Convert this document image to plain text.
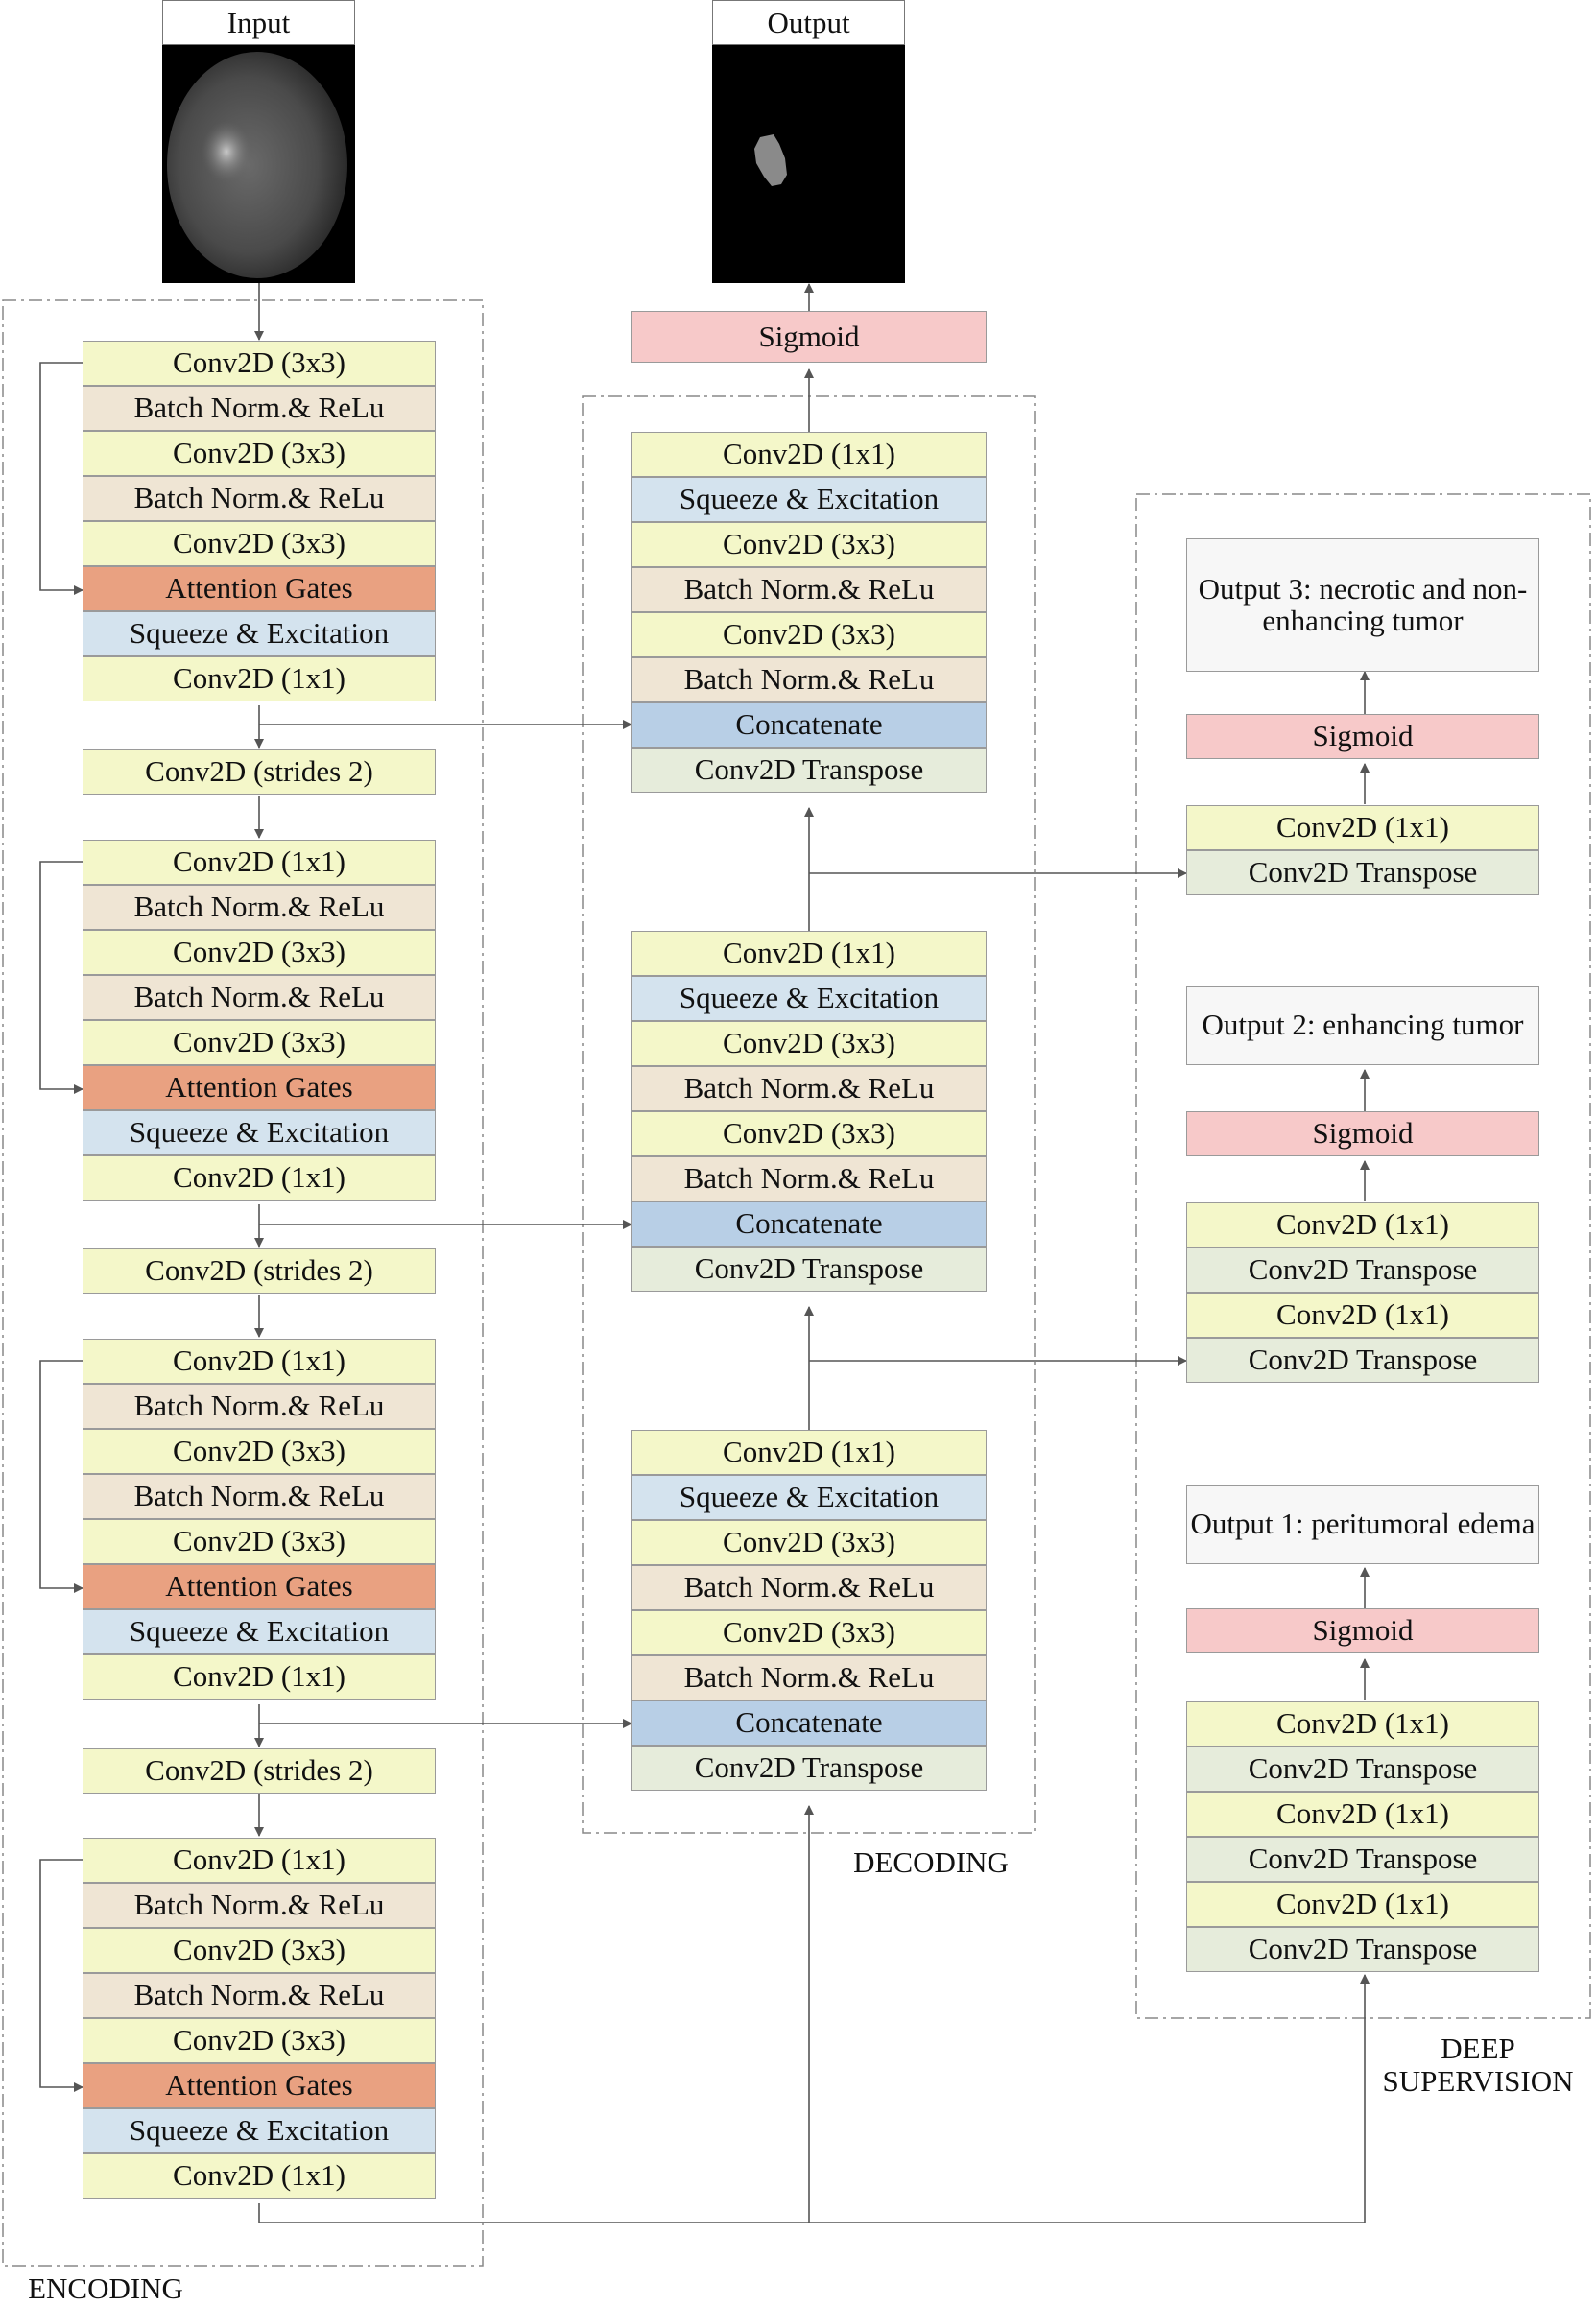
Conv2D (3x3)
Batch Norm.& ReLu
Conv2D (3x3)
Batch Norm.& ReLu
Conv2D (3x3)
Attention Gates
Squeeze & Excitation
Conv2D (1x1)
Conv2D (strides 2)
Conv2D (1x1)
Batch Norm.& ReLu
Conv2D (3x3)
Batch Norm.& ReLu
Conv2D (3x3)
Attention Gates
Squeeze & Excitation
Conv2D (1x1)
Conv2D (strides 2)
Conv2D (1x1)
Batch Norm.& ReLu
Conv2D (3x3)
Batch Norm.& ReLu
Conv2D (3x3)
Attention Gates
Squeeze & Excitation
Conv2D (1x1)
Conv2D (strides 2)
Conv2D (1x1)
Batch Norm.& ReLu
Conv2D (3x3)
Batch Norm.& ReLu
Conv2D (3x3)
Attention Gates
Squeeze & Excitation
Conv2D (1x1)
Sigmoid
Conv2D (1x1)
Squeeze & Excitation
Conv2D (3x3)
Batch Norm.& ReLu
Conv2D (3x3)
Batch Norm.& ReLu
Concatenate
Conv2D Transpose
Conv2D (1x1)
Squeeze & Excitation
Conv2D (3x3)
Batch Norm.& ReLu
Conv2D (3x3)
Batch Norm.& ReLu
Concatenate
Conv2D Transpose
Conv2D (1x1)
Squeeze & Excitation
Conv2D (3x3)
Batch Norm.& ReLu
Conv2D (3x3)
Batch Norm.& ReLu
Concatenate
Conv2D Transpose
Output 3: necrotic and non-enhancing tumor
Sigmoid
Conv2D (1x1)
Conv2D Transpose
Output 2: enhancing tumor
Sigmoid
Conv2D (1x1)
Conv2D Transpose
Conv2D (1x1)
Conv2D Transpose
Output 1: peritumoral edema
Sigmoid
Conv2D (1x1)
Conv2D Transpose
Conv2D (1x1)
Conv2D Transpose
Conv2D (1x1)
Conv2D Transpose
Input	Output
ENCODING
DECODING
DEEP SUPERVISION
